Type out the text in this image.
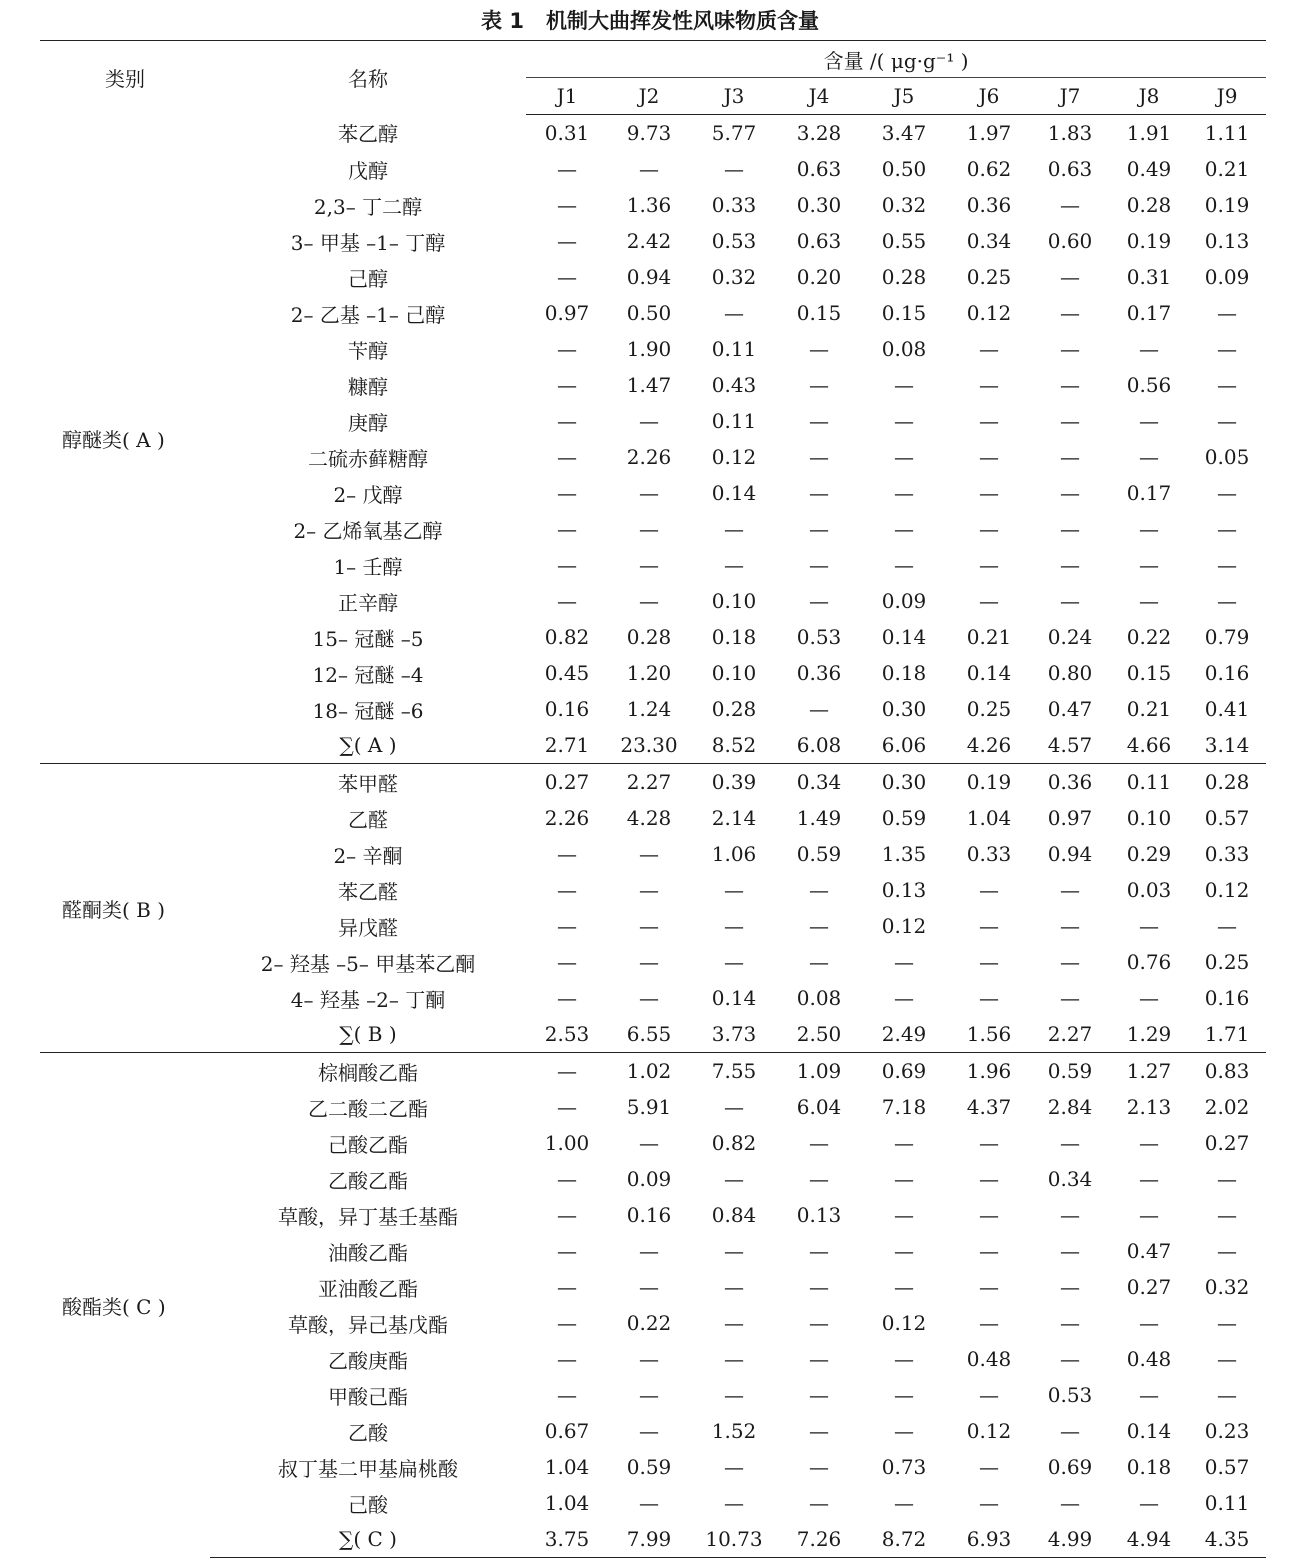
表 1 机制大曲挥发性风味物质含量
类别	名称	含量 /( μg·g⁻¹ )								
		J1	J2	J3	J4	J5	J6	J7	J8	J9
醇醚类( A )	苯乙醇	0.31	9.73	5.77	3.28	3.47	1.97	1.83	1.91	1.11
	戊醇	—	—	—	0.63	0.50	0.62	0.63	0.49	0.21
	2,3– 丁二醇	—	1.36	0.33	0.30	0.32	0.36	—	0.28	0.19
	3– 甲基 –1– 丁醇	—	2.42	0.53	0.63	0.55	0.34	0.60	0.19	0.13
	己醇	—	0.94	0.32	0.20	0.28	0.25	—	0.31	0.09
	2– 乙基 –1– 己醇	0.97	0.50	—	0.15	0.15	0.12	—	0.17	—
	苄醇	—	1.90	0.11	—	0.08	—	—	—	—
	糠醇	—	1.47	0.43	—	—	—	—	0.56	—
	庚醇	—	—	0.11	—	—	—	—	—	—
	二硫赤藓糖醇	—	2.26	0.12	—	—	—	—	—	0.05
	2– 戊醇	—	—	0.14	—	—	—	—	0.17	—
	2– 乙烯氧基乙醇	—	—	—	—	—	—	—	—	—
	1– 壬醇	—	—	—	—	—	—	—	—	—
	正辛醇	—	—	0.10	—	0.09	—	—	—	—
	15– 冠醚 –5	0.82	0.28	0.18	0.53	0.14	0.21	0.24	0.22	0.79
	12– 冠醚 –4	0.45	1.20	0.10	0.36	0.18	0.14	0.80	0.15	0.16
	18– 冠醚 –6	0.16	1.24	0.28	—	0.30	0.25	0.47	0.21	0.41
	∑( A )	2.71	23.30	8.52	6.08	6.06	4.26	4.57	4.66	3.14
醛酮类( B )	苯甲醛	0.27	2.27	0.39	0.34	0.30	0.19	0.36	0.11	0.28
	乙醛	2.26	4.28	2.14	1.49	0.59	1.04	0.97	0.10	0.57
	2– 辛酮	—	—	1.06	0.59	1.35	0.33	0.94	0.29	0.33
	苯乙醛	—	—	—	—	0.13	—	—	0.03	0.12
	异戊醛	—	—	—	—	0.12	—	—	—	—
	2– 羟基 –5– 甲基苯乙酮	—	—	—	—	—	—	—	0.76	0.25
	4– 羟基 –2– 丁酮	—	—	0.14	0.08	—	—	—	—	0.16
	∑( B )	2.53	6.55	3.73	2.50	2.49	1.56	2.27	1.29	1.71
酸酯类( C )	棕榈酸乙酯	—	1.02	7.55	1.09	0.69	1.96	0.59	1.27	0.83
	乙二酸二乙酯	—	5.91	—	6.04	7.18	4.37	2.84	2.13	2.02
	己酸乙酯	1.00	—	0.82	—	—	—	—	—	0.27
	乙酸乙酯	—	0.09	—	—	—	—	0.34	—	—
	草酸，异丁基壬基酯	—	0.16	0.84	0.13	—	—	—	—	—
	油酸乙酯	—	—	—	—	—	—	—	0.47	—
	亚油酸乙酯	—	—	—	—	—	—	—	0.27	0.32
	草酸，异己基戊酯	—	0.22	—	—	0.12	—	—	—	—
	乙酸庚酯	—	—	—	—	—	0.48	—	0.48	—
	甲酸己酯	—	—	—	—	—	—	0.53	—	—
	乙酸	0.67	—	1.52	—	—	0.12	—	0.14	0.23
	叔丁基二甲基扁桃酸	1.04	0.59	—	—	0.73	—	0.69	0.18	0.57
	己酸	1.04	—	—	—	—	—	—	—	0.11
	∑( C )	3.75	7.99	10.73	7.26	8.72	6.93	4.99	4.94	4.35
